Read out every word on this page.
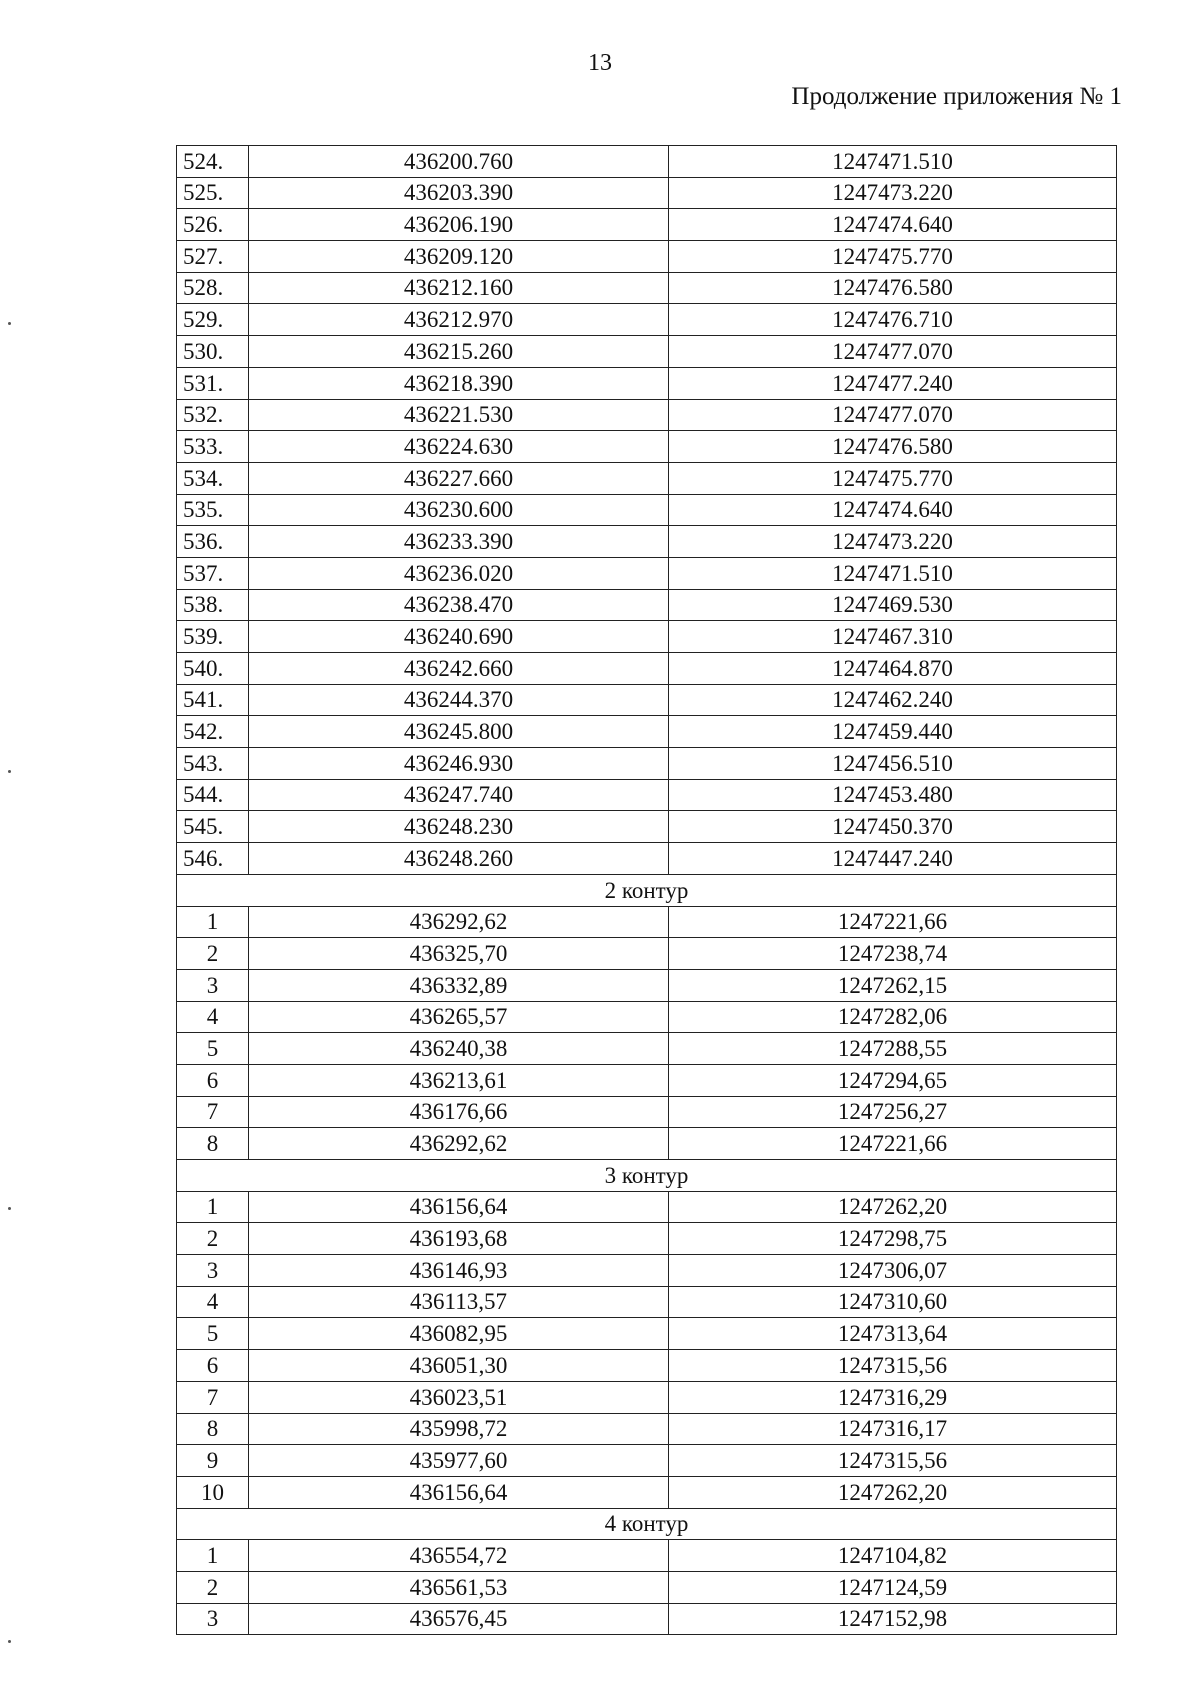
13
Продолжение приложения № 1
524.	436200.760	1247471.510
525.	436203.390	1247473.220
526.	436206.190	1247474.640
527.	436209.120	1247475.770
528.	436212.160	1247476.580
529.	436212.970	1247476.710
530.	436215.260	1247477.070
531.	436218.390	1247477.240
532.	436221.530	1247477.070
533.	436224.630	1247476.580
534.	436227.660	1247475.770
535.	436230.600	1247474.640
536.	436233.390	1247473.220
537.	436236.020	1247471.510
538.	436238.470	1247469.530
539.	436240.690	1247467.310
540.	436242.660	1247464.870
541.	436244.370	1247462.240
542.	436245.800	1247459.440
543.	436246.930	1247456.510
544.	436247.740	1247453.480
545.	436248.230	1247450.370
546.	436248.260	1247447.240
2 контур		
1	436292,62	1247221,66
2	436325,70	1247238,74
3	436332,89	1247262,15
4	436265,57	1247282,06
5	436240,38	1247288,55
6	436213,61	1247294,65
7	436176,66	1247256,27
8	436292,62	1247221,66
3 контур		
1	436156,64	1247262,20
2	436193,68	1247298,75
3	436146,93	1247306,07
4	436113,57	1247310,60
5	436082,95	1247313,64
6	436051,30	1247315,56
7	436023,51	1247316,29
8	435998,72	1247316,17
9	435977,60	1247315,56
10	436156,64	1247262,20
4 контур		
1	436554,72	1247104,82
2	436561,53	1247124,59
3	436576,45	1247152,98
